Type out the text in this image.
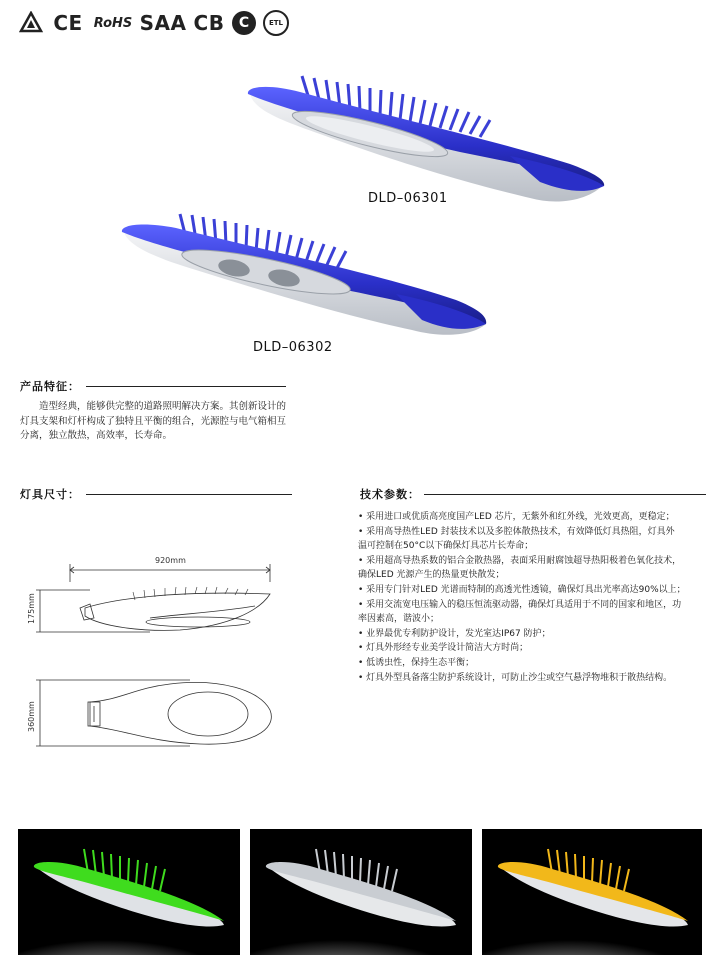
CE RoHS SAA CB	C	ETL
DLD–06301
DLD–06302
产品特征：
　　造型经典，能够供完整的道路照明解决方案。其创新设计的灯具支架和灯杆构成了独特且平衡的组合，光源腔与电气箱相互分离，独立散热，高效率，长寿命。
灯具尺寸：
920mm
175mm
360mm
技术参数：
• 采用进口或优质高亮度国产LED 芯片，无紫外和红外线，光效更高，更稳定；
• 采用高导热性LED 封装技术以及多腔体散热技术，有效降低灯具热阻，灯具外
温可控制在50°C以下确保灯具芯片长寿命；
• 采用超高导热系数的铝合金散热器，表面采用耐腐蚀超导热阳极着色氧化技术，
确保LED 光源产生的热量更快散发；
• 采用专门针对LED 光谱而特制的高透光性透镜，确保灯具出光率高达90%以上；
• 采用交流宽电压输入的稳压恒流驱动器，确保灯具适用于不同的国家和地区，功
率因素高，谐波小；
• 业界最优专利防护设计，发光室达IP67 防护；
• 灯具外形经专业美学设计简洁大方时尚；
• 低诱虫性，保持生态平衡；
• 灯具外型具备落尘防护系统设计，可防止沙尘或空气悬浮物堆积于散热结构。
